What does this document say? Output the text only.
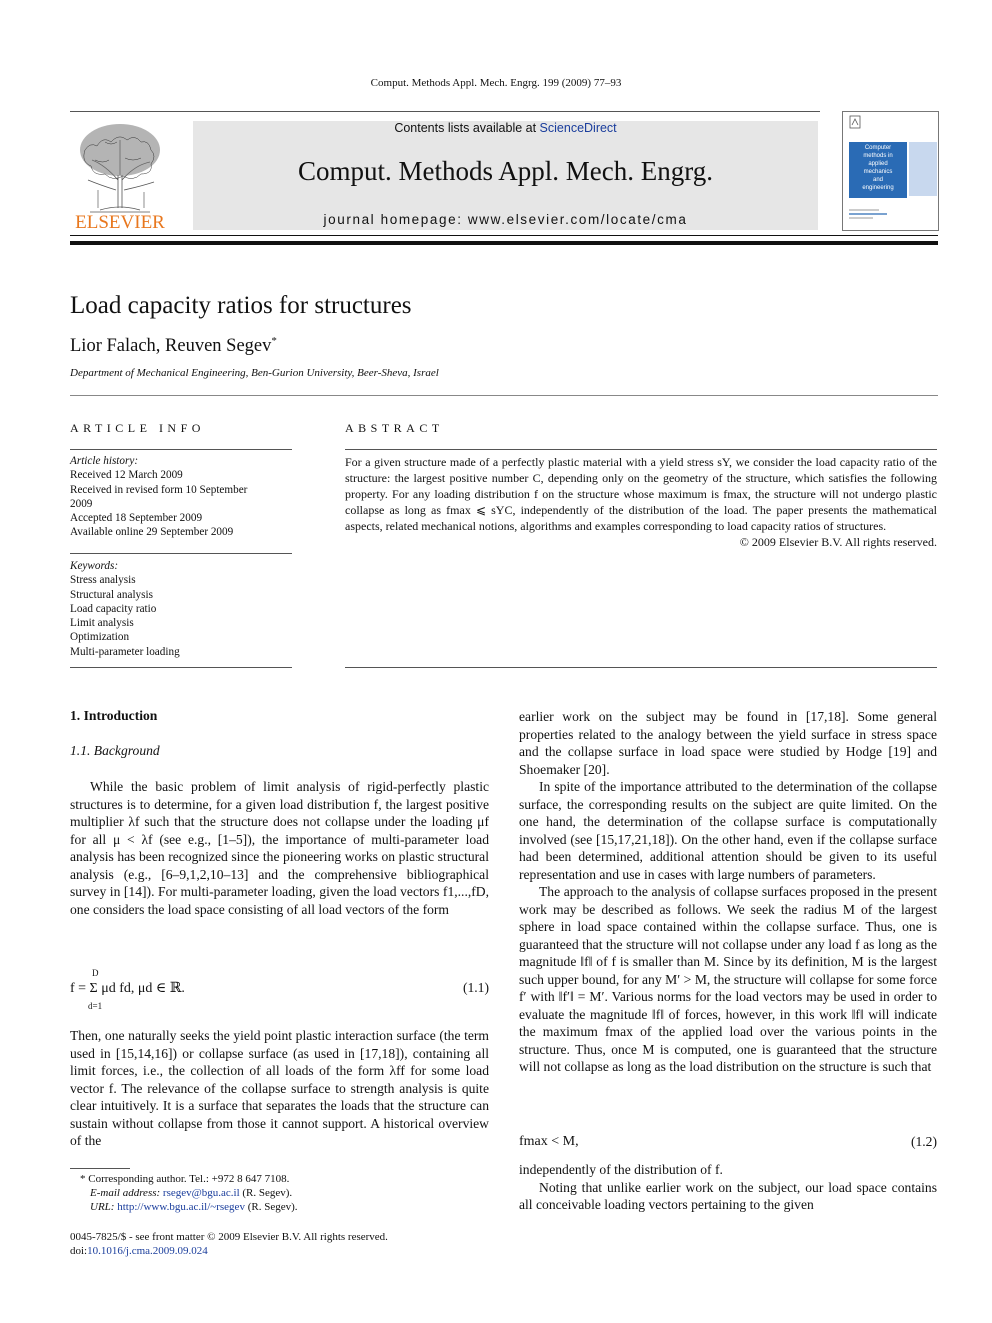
Comput. Methods Appl. Mech. Engrg. 199 (2009) 77–93
ELSEVIER
Contents lists available at ScienceDirect
Comput. Methods Appl. Mech. Engrg.
journal homepage: www.elsevier.com/locate/cma
Computer
methods in
applied
mechanics
and
engineering
Load capacity ratios for structures
Lior Falach, Reuven Segev*
Department of Mechanical Engineering, Ben-Gurion University, Beer-Sheva, Israel
ARTICLE INFO
Article history:
Received 12 March 2009
Received in revised form 10 September
2009
Accepted 18 September 2009
Available online 29 September 2009
Keywords:
Stress analysis
Structural analysis
Load capacity ratio
Limit analysis
Optimization
Multi-parameter loading
ABSTRACT
For a given structure made of a perfectly plastic material with a yield stress sY, we consider the load capacity ratio of the structure: the largest positive number C, depending only on the geometry of the structure, which satisfies the following property. For any loading distribution f on the structure whose maximum is fmax, the structure will not undergo plastic collapse as long as fmax ⩽ sYC, independently of the distribution of the load. The paper presents the mathematical aspects, related mechanical notions, algorithms and examples corresponding to load capacity ratios of structures.
© 2009 Elsevier B.V. All rights reserved.
1. Introduction
1.1. Background

While the basic problem of limit analysis of rigid-perfectly plastic structures is to determine, for a given load distribution f, the largest positive multiplier λf such that the structure does not collapse under the loading μf for all μ < λf (see e.g., [1–5]), the importance of multi-parameter load analysis has been recognized since the pioneering works on plastic structural analysis (e.g., [6–9,1,2,10–13] and the comprehensive bibliographical survey in [14]). For multi-parameter loading, given the load vectors f1,...,fD, one considers the load space consisting of all load vectors of the form

D
f = Σ μd fd, μd ∈ ℝ.
d=1
(1.1)

Then, one naturally seeks the yield point plastic interaction surface (the term used in [15,14,16]) or collapse surface (as used in [17,18]), containing all limit forces, i.e., the collection of all loads of the form λff for some load vector f. The relevance of the collapse surface to strength analysis is quite clear intuitively. It is a surface that separates the loads that the structure can sustain without collapse from those it cannot support. A historical overview of the

earlier work on the subject may be found in [17,18]. Some general properties related to the analogy between the yield surface in stress space and the collapse surface in load space were studied by Hodge [19] and Shoemaker [20].

In spite of the importance attributed to the determination of the collapse surface, the corresponding results on the subject are quite limited. On the one hand, the determination of the collapse surface is computationally involved (see [15,17,21,18]). On the other hand, even if the collapse surface had been determined, additional attention should be given to its useful representation and use in cases with large numbers of parameters.

The approach to the analysis of collapse surfaces proposed in the present work may be described as follows. We seek the radius M of the largest sphere in load space contained within the collapse surface. Thus, one is guaranteed that the structure will not collapse under any load f as long as the magnitude ‖f‖ of f is smaller than M. Since by its definition, M is the largest such upper bound, for any M′ > M, the structure will collapse for some force f′ with ‖f′‖ = M′. Various norms for the load vectors may be used in order to evaluate the magnitude ‖f‖ of forces, however, in this work ‖f‖ will indicate the maximum fmax of the applied load over the various points in the structure. Thus, once M is computed, one is guaranteed that the structure will not collapse as long as the load distribution on the structure is such that

fmax < M,	(1.2)

independently of the distribution of f.

Noting that unlike earlier work on the subject, our load space contains all conceivable loading vectors pertaining to the given

* Corresponding author. Tel.: +972 8 647 7108.
E-mail address: rsegev@bgu.ac.il (R. Segev).
URL: http://www.bgu.ac.il/~rsegev (R. Segev).
0045-7825/$ - see front matter © 2009 Elsevier B.V. All rights reserved.
doi:10.1016/j.cma.2009.09.024
